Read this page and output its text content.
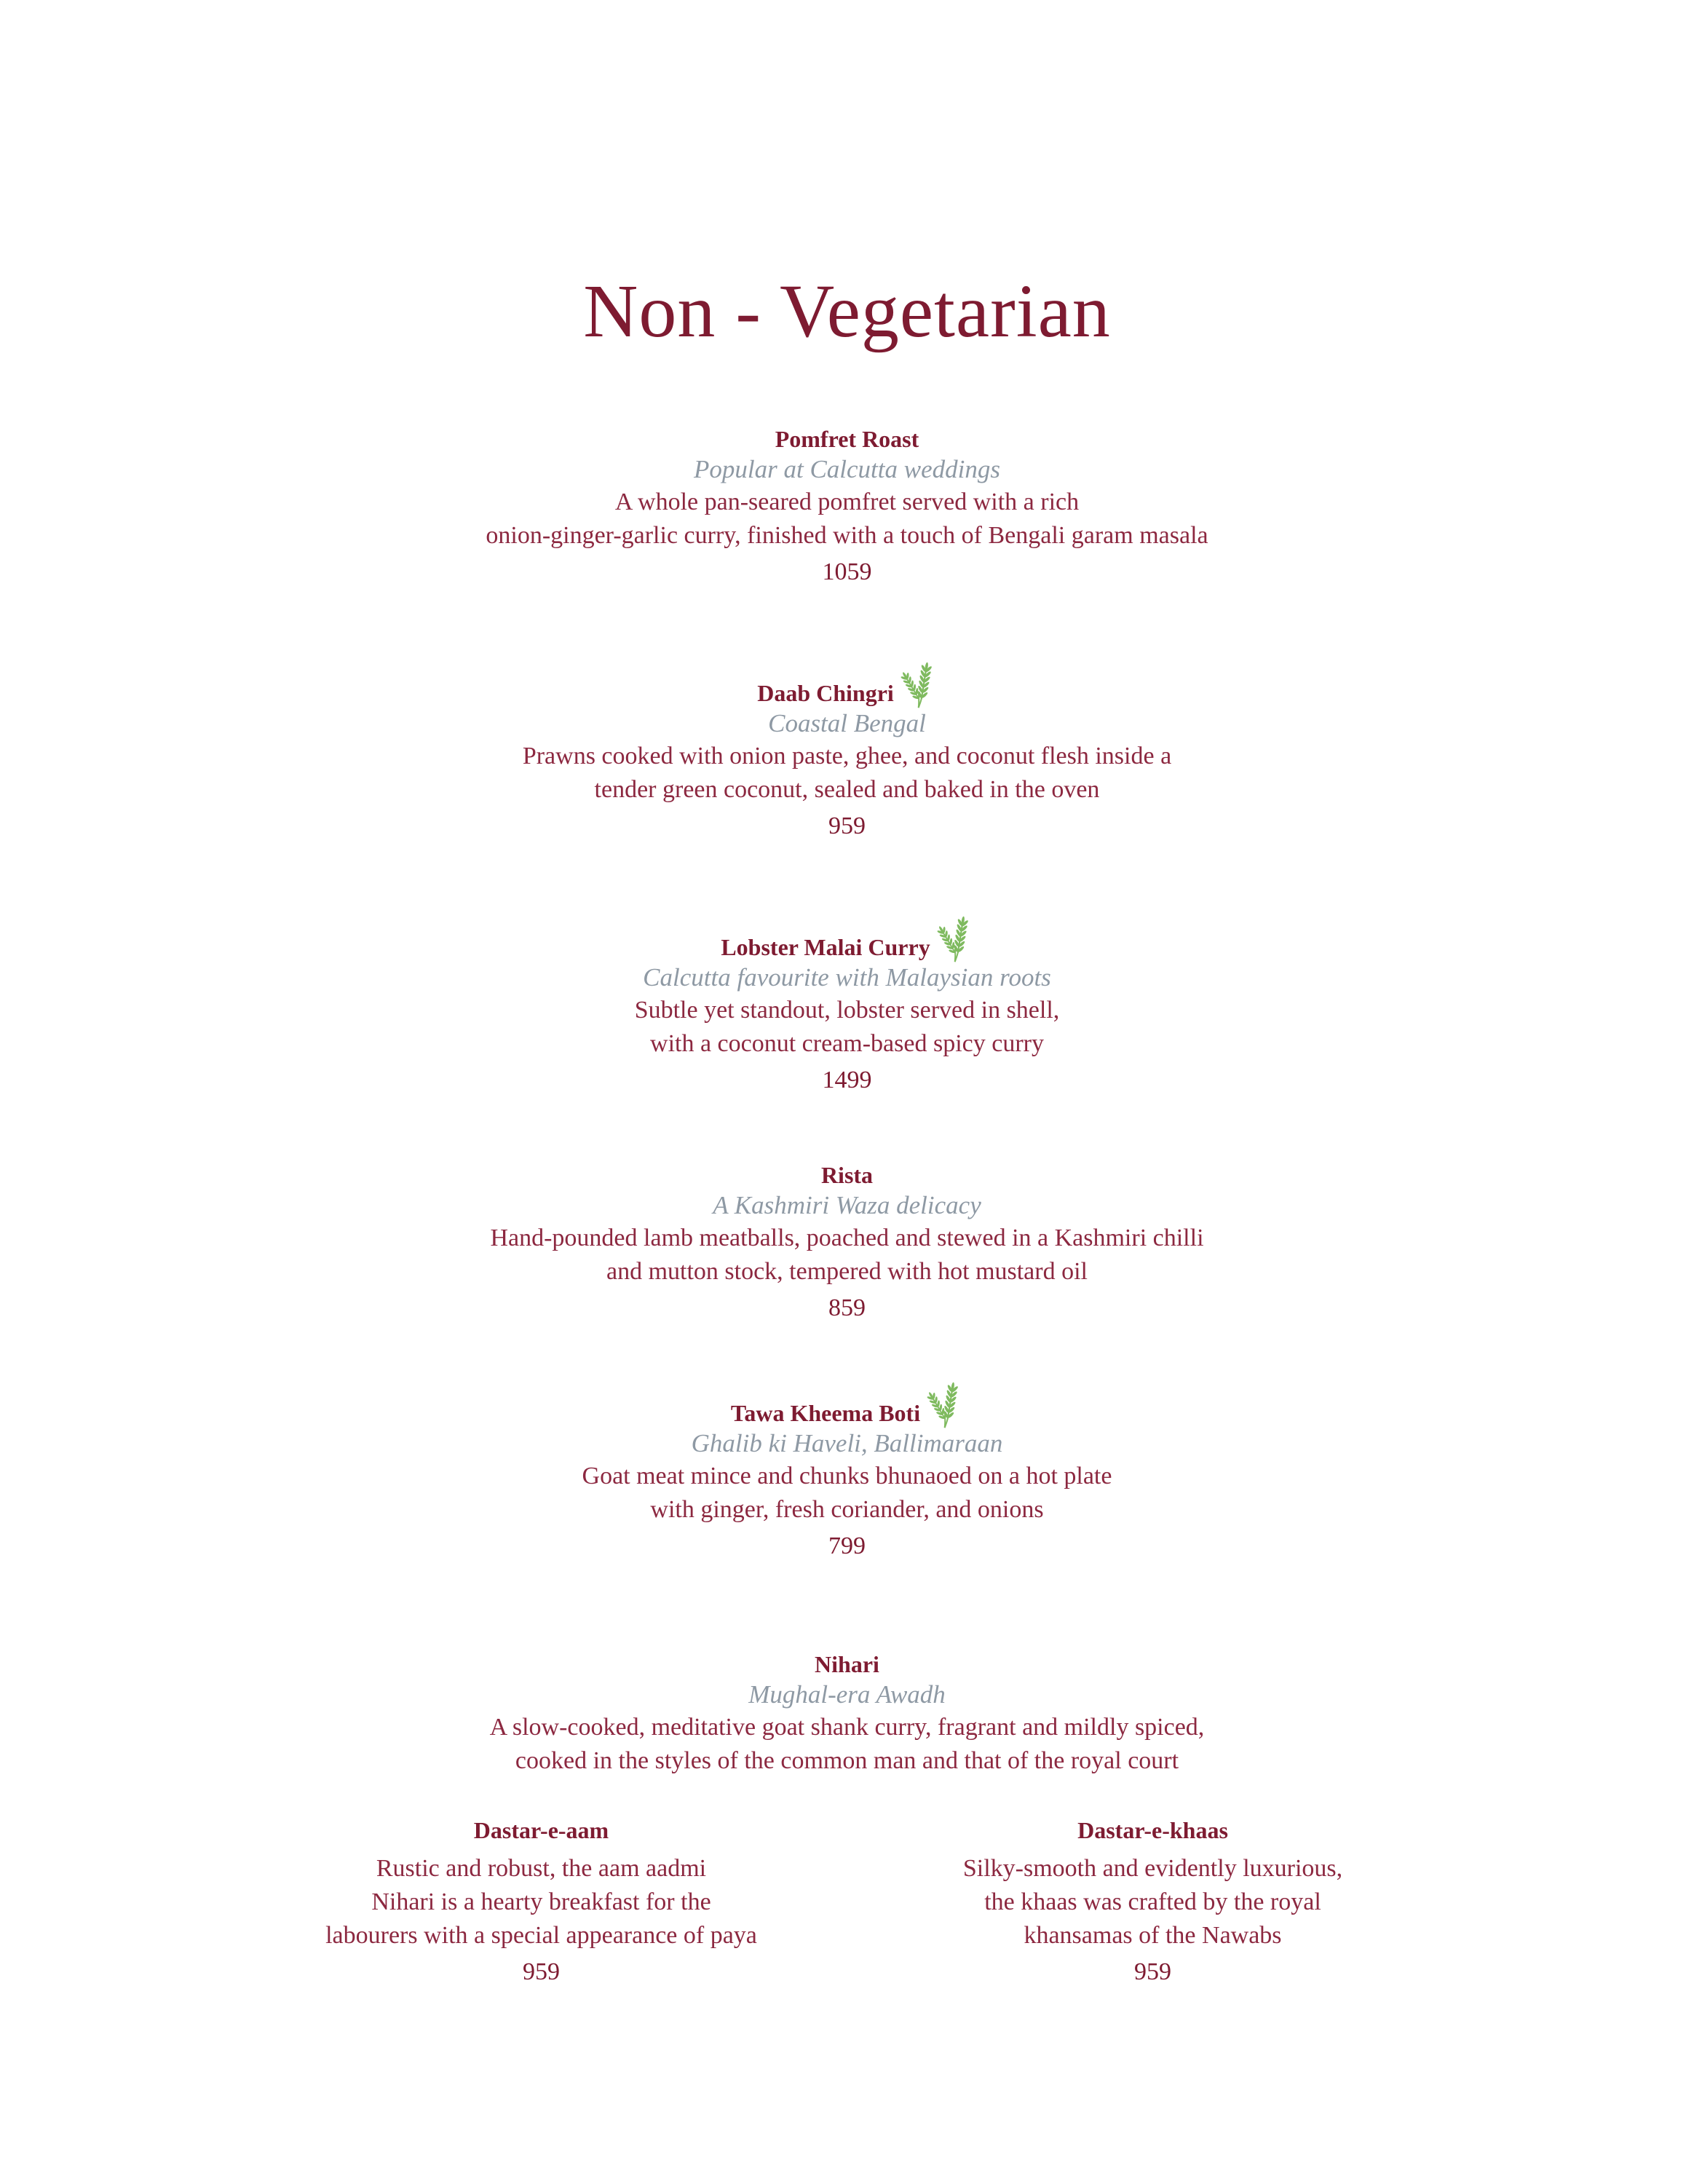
Non - Vegetarian
Pomfret Roast
Popular at Calcutta weddings
A whole pan-seared pomfret served with a rich
onion-ginger-garlic curry, finished with a touch of Bengali garam masala
1059
Daab Chingri
Coastal Bengal
Prawns cooked with onion paste, ghee, and coconut flesh inside a
tender green coconut, sealed and baked in the oven
959
Lobster Malai Curry
Calcutta favourite with Malaysian roots
Subtle yet standout, lobster served in shell,
with a coconut cream-based spicy curry
1499
Rista
A Kashmiri Waza delicacy
Hand-pounded lamb meatballs, poached and stewed in a Kashmiri chilli
and mutton stock, tempered with hot mustard oil
859
Tawa Kheema Boti
Ghalib ki Haveli, Ballimaraan
Goat meat mince and chunks bhunaoed on a hot plate
with ginger, fresh coriander, and onions
799
Nihari
Mughal-era Awadh
A slow-cooked, meditative goat shank curry, fragrant and mildly spiced,
cooked in the styles of the common man and that of the royal court
Dastar-e-aam
Rustic and robust, the aam aadmi
Nihari is a hearty breakfast for the
labourers with a special appearance of paya
959
Dastar-e-khaas
Silky-smooth and evidently luxurious,
the khaas was crafted by the royal
khansamas of the Nawabs
959
